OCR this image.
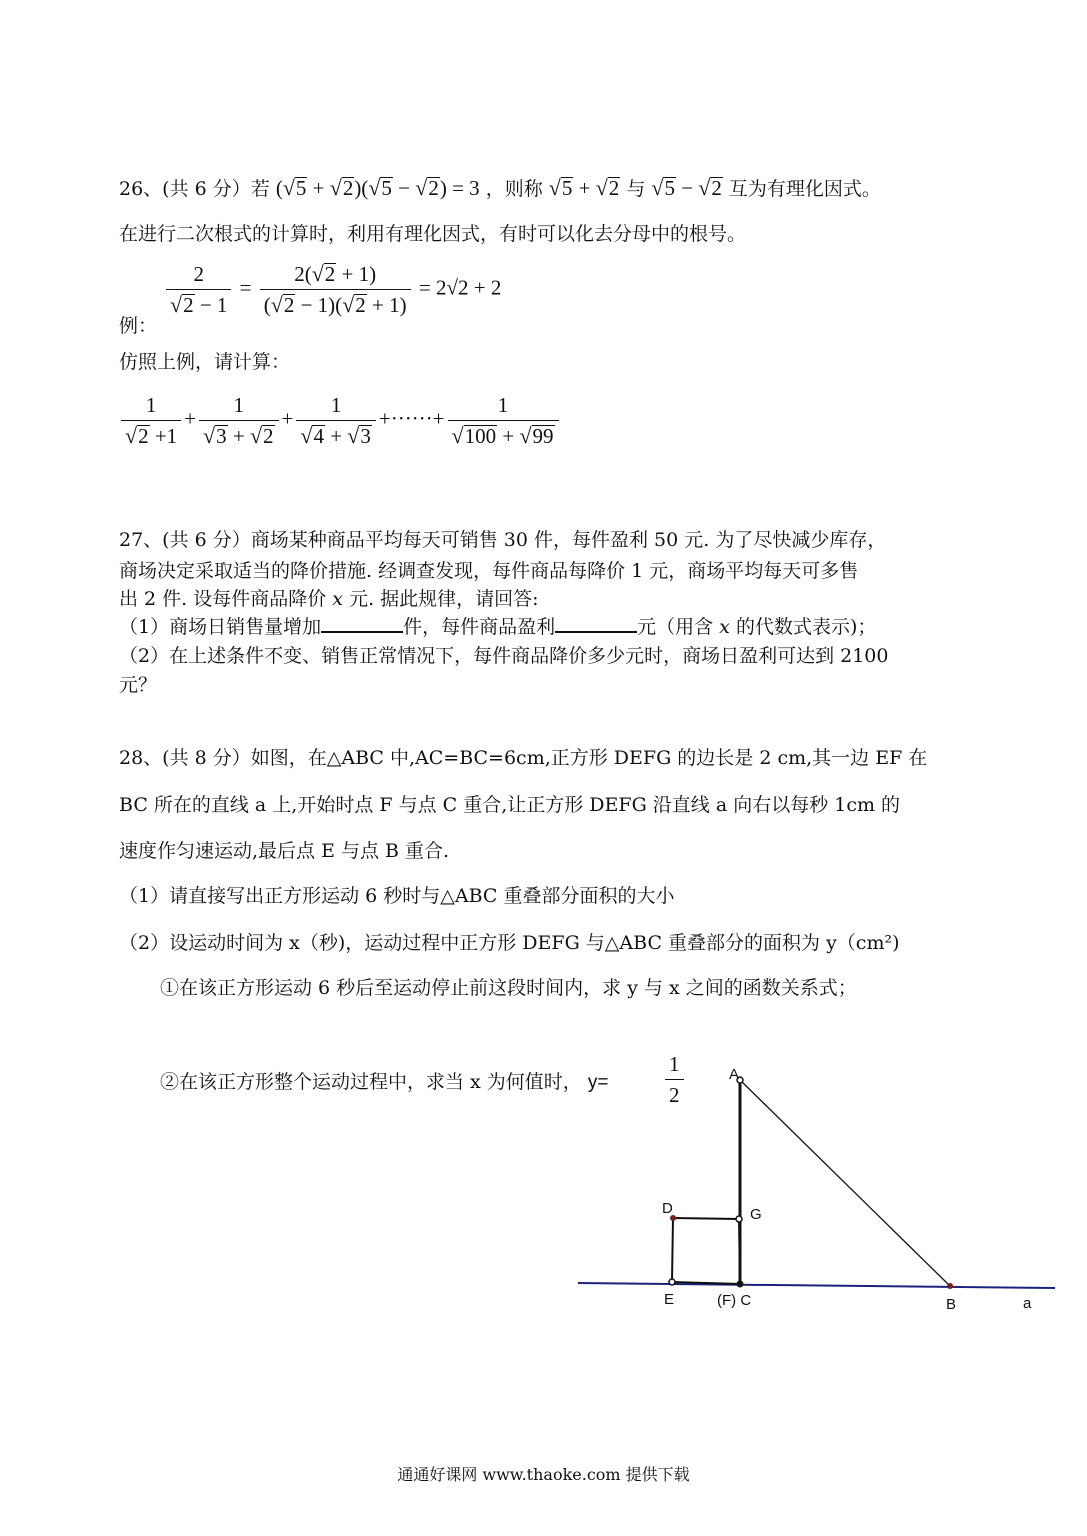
26、(共 6 分）若 (√5 + √2)(√5 − √2) = 3 ，则称 √5 + √2 与 √5 − √2 互为有理化因式。
在进行二次根式的计算时，利用有理化因式，有时可以化去分母中的根号。
$\frac{2}{√2 - 1} = \frac{2(√2 + 1)}{(√2 - 1)(√2 + 1)} = 2√2 + 2$
例：
仿照上例，请计算：
$\frac{1}{√2 +1} + \frac{1}{√3 + √2} + \frac{1}{√4 + √3}$ +······+ $\frac{1}{√100 + √99}$
27、(共 6 分）商场某种商品平均每天可销售 30 件，每件盈利 50 元. 为了尽快减少库存，
商场决定采取适当的降价措施. 经调查发现，每件商品每降价 1 元，商场平均每天可多售
出 2 件. 设每件商品降价 x 元. 据此规律，请回答:
（1）商场日销售量增加	件，每件商品盈利	元（用含 x 的代数式表示)；
（2）在上述条件不变、销售正常情况下，每件商品降价多少元时，商场日盈利可达到 2100
元？
28、(共 8 分）如图，在△ABC 中,AC=BC=6cm,正方形 DEFG 的边长是 2 cm,其一边 EF 在
BC 所在的直线 a 上,开始时点 F 与点 C 重合,让正方形 DEFG 沿直线 a 向右以每秒 1cm 的
速度作匀速运动,最后点 E 与点 B 重合.
（1）请直接写出正方形运动 6 秒时与△ABC 重叠部分面积的大小
（2）设运动时间为 x（秒)，运动过程中正方形 DEFG 与△ABC 重叠部分的面积为 y（cm²)
①在该正方形运动 6 秒后至运动停止前这段时间内，求 y 与 x 之间的函数关系式；
②在该正方形整个运动过程中，求当 x 为何值时， y=	$\frac{1}{2}$	A
D	G
E	(F) C	B	a
通通好课网 www.thaoke.com 提供下载
